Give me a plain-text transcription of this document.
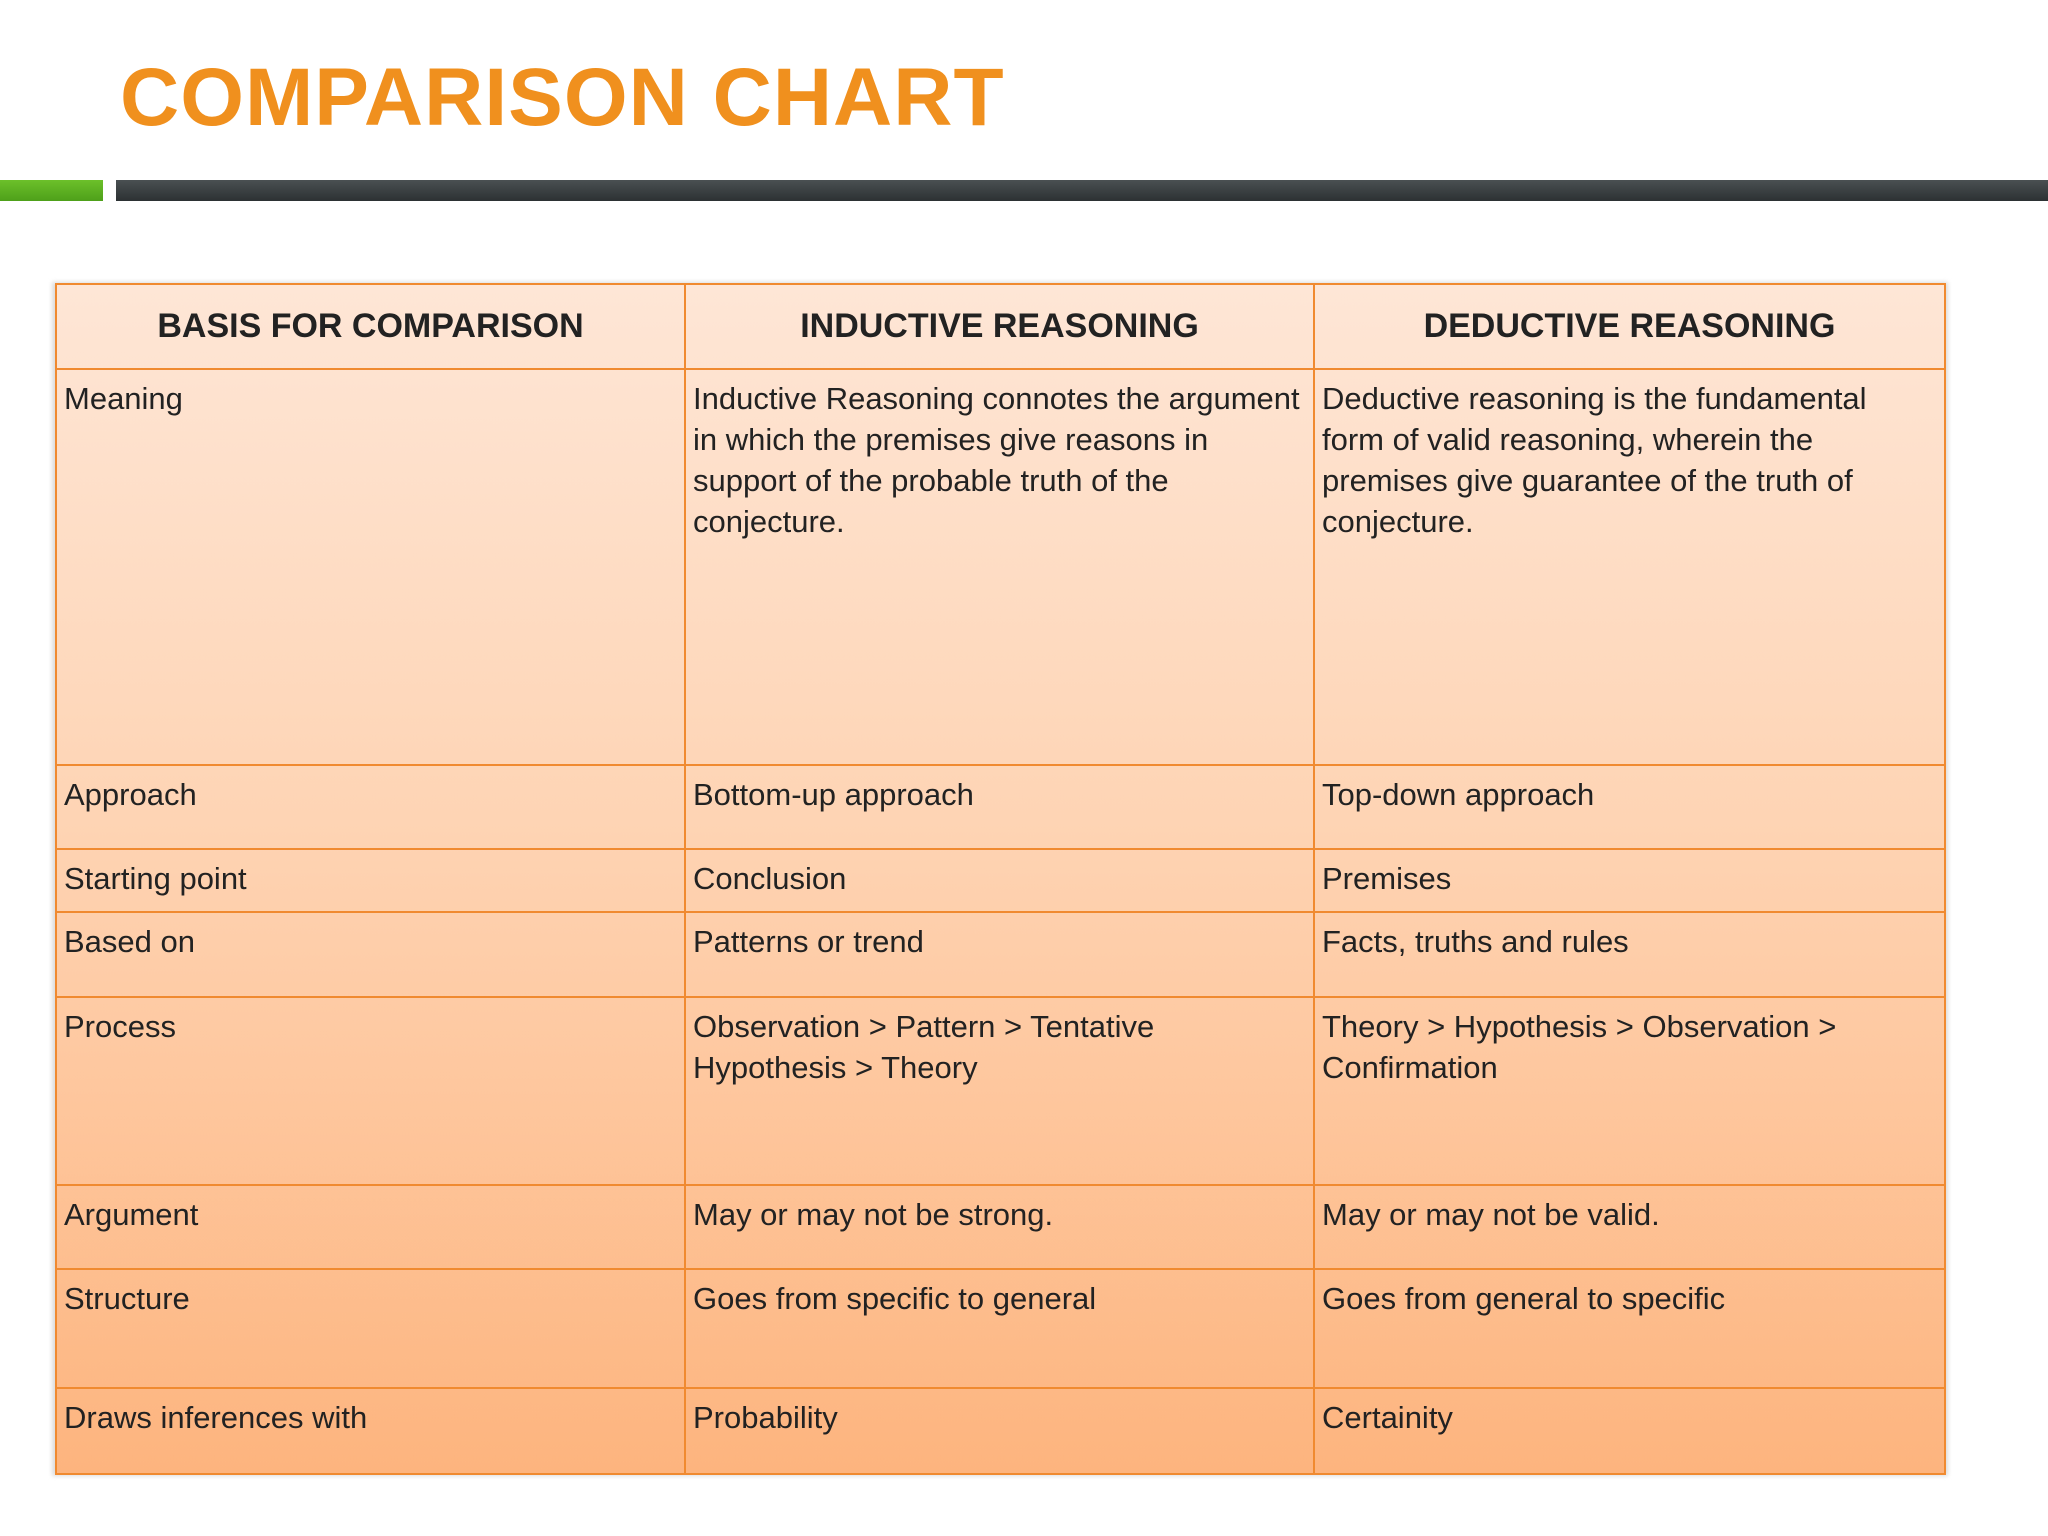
COMPARISON CHART
BASIS FOR COMPARISON	INDUCTIVE REASONING	DEDUCTIVE REASONING
Meaning	Inductive Reasoning connotes the argument in which the premises give reasons in support of the probable truth of the conjecture.	Deductive reasoning is the fundamental form of valid reasoning, wherein the premises give guarantee of the truth of conjecture.
Approach	Bottom-up approach	Top-down approach
Starting point	Conclusion	Premises
Based on	Patterns or trend	Facts, truths and rules
Process	Observation > Pattern > Tentative Hypothesis > Theory	Theory > Hypothesis > Observation > Confirmation
Argument	May or may not be strong.	May or may not be valid.
Structure	Goes from specific to general	Goes from general to specific
Draws inferences with	Probability	Certainity
